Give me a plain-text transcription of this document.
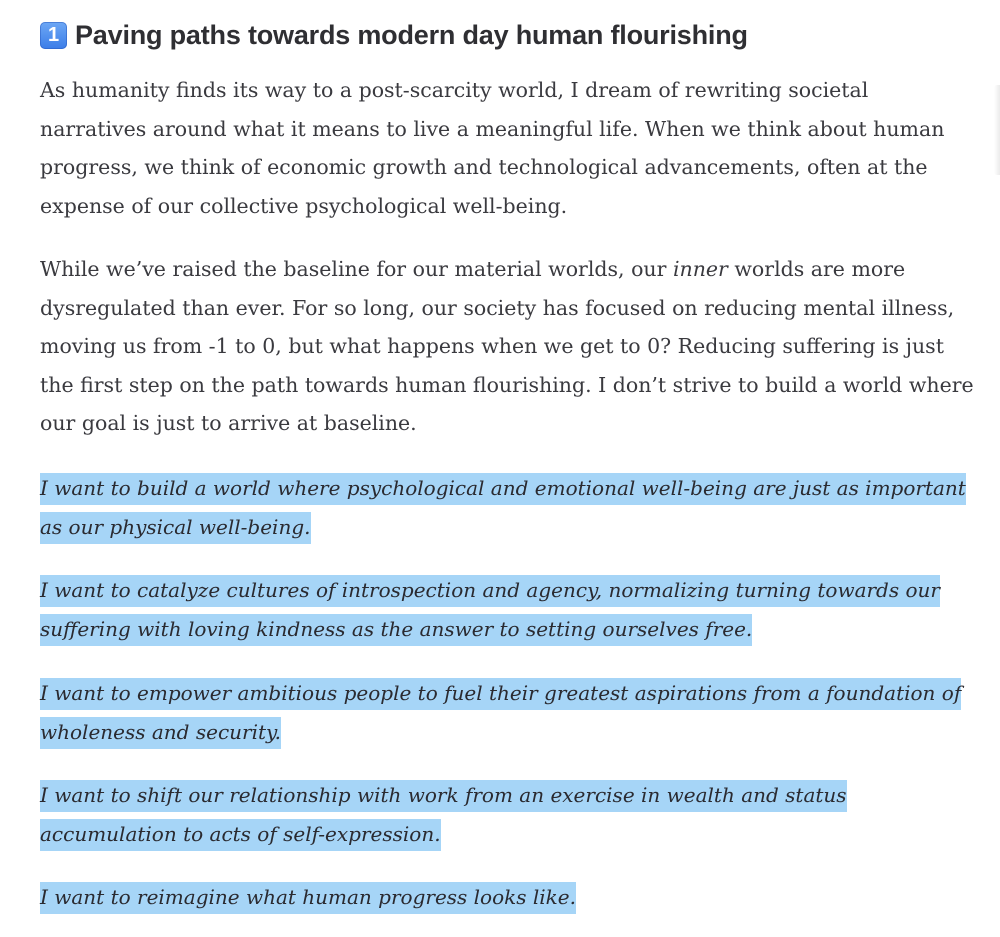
1 Paving paths towards modern day human flourishing

As humanity finds its way to a post-scarcity world, I dream of rewriting societal narratives around what it means to live a meaningful life. When we think about human progress, we think of economic growth and technological advancements, often at the expense of our collective psychological well-being.

While we’ve raised the baseline for our material worlds, our inner worlds are more dysregulated than ever. For so long, our society has focused on reducing mental illness, moving us from -1 to 0, but what happens when we get to 0? Reducing suffering is just the first step on the path towards human flourishing. I don’t strive to build a world where our goal is just to arrive at baseline.

I want to build a world where psychological and emotional well-being are just as important as our physical well-being.

I want to catalyze cultures of introspection and agency, normalizing turning towards our suffering with loving kindness as the answer to setting ourselves free.

I want to empower ambitious people to fuel their greatest aspirations from a foundation of wholeness and security.

I want to shift our relationship with work from an exercise in wealth and status accumulation to acts of self-expression.

I want to reimagine what human progress looks like.
